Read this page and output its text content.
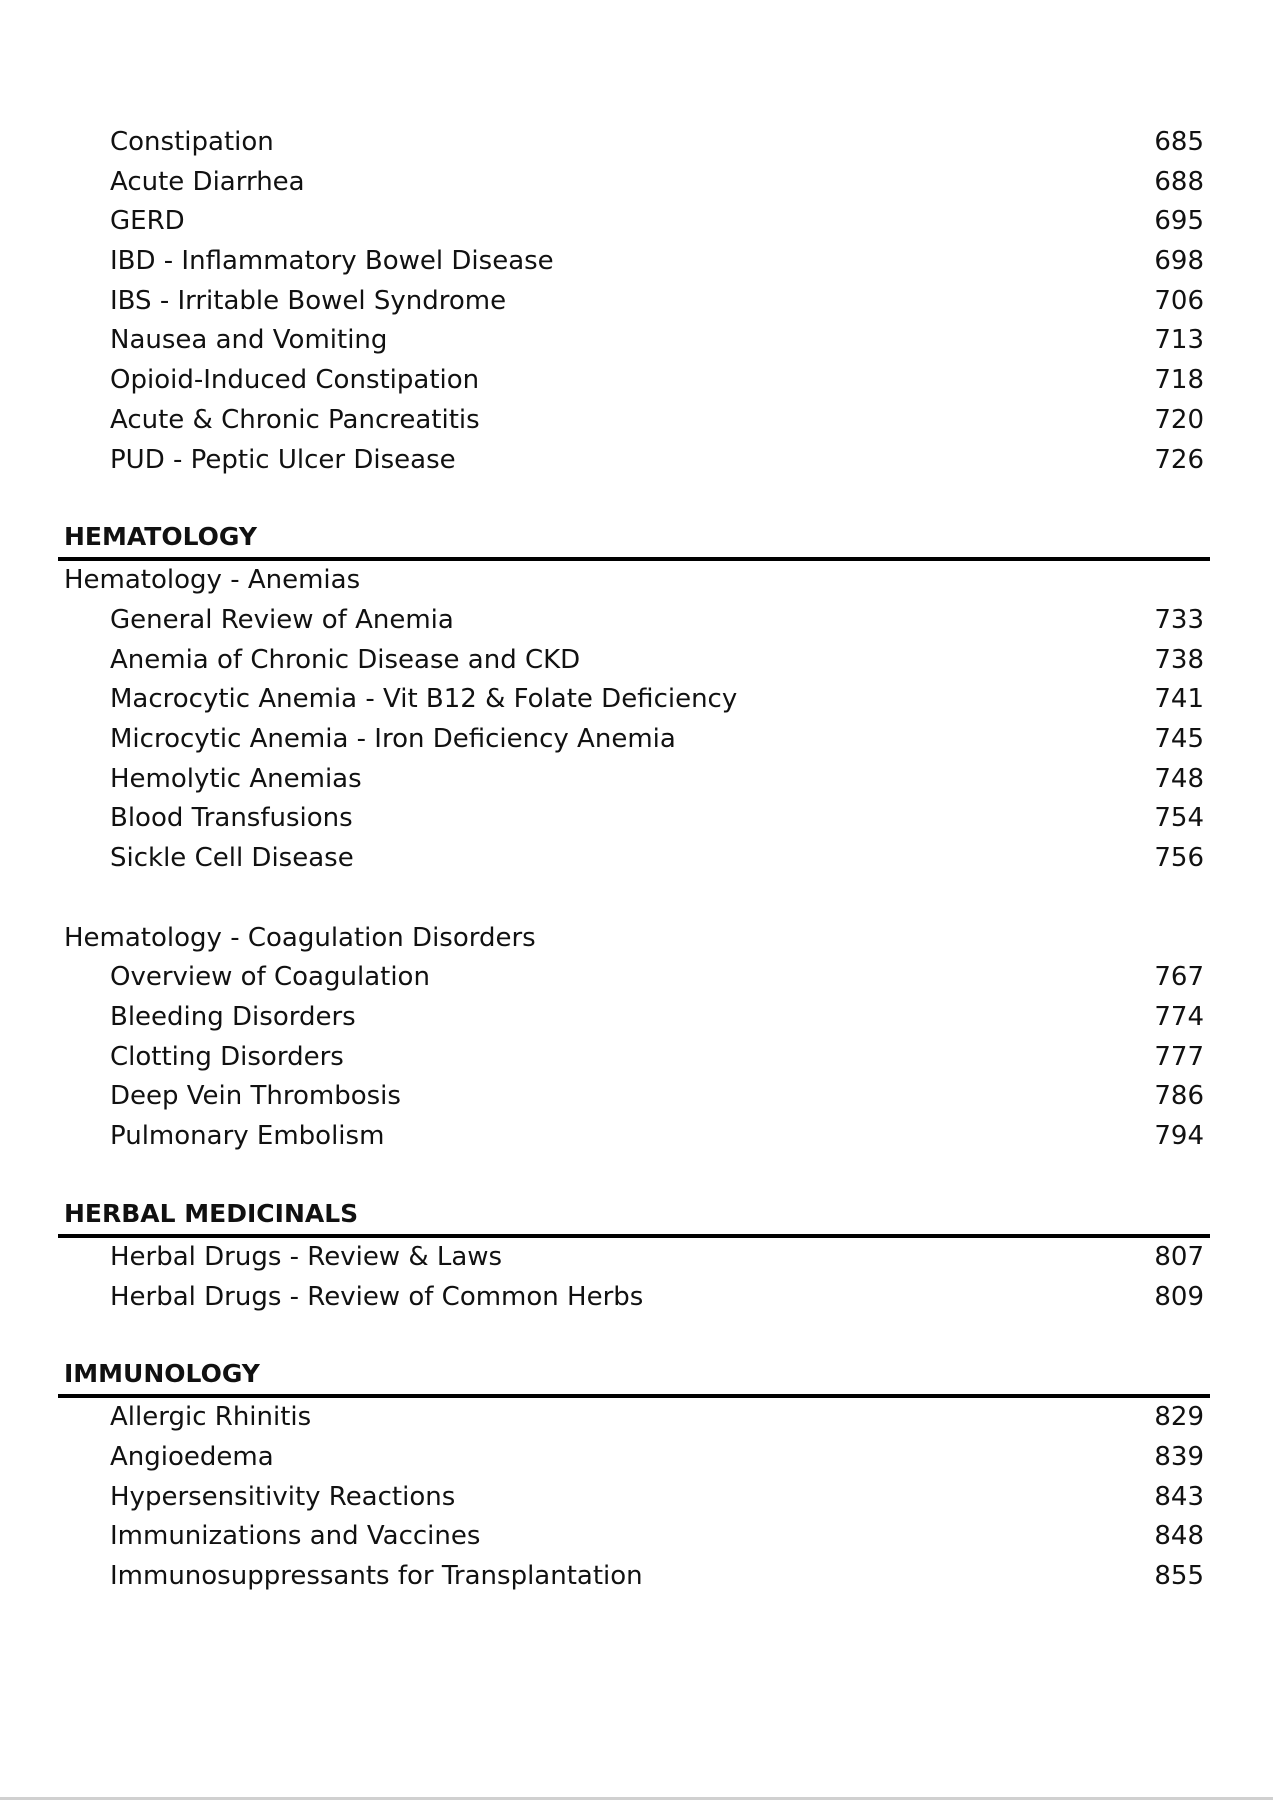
Constipation	685
Acute Diarrhea	688
GERD	695
IBD - Inflammatory Bowel Disease	698
IBS - Irritable Bowel Syndrome	706
Nausea and Vomiting	713
Opioid-Induced Constipation	718
Acute & Chronic Pancreatitis	720
PUD - Peptic Ulcer Disease	726
HEMATOLOGY
Hematology - Anemias
General Review of Anemia	733
Anemia of Chronic Disease and CKD	738
Macrocytic Anemia - Vit B12 & Folate Deficiency	741
Microcytic Anemia - Iron Deficiency Anemia	745
Hemolytic Anemias	748
Blood Transfusions	754
Sickle Cell Disease	756
Hematology - Coagulation Disorders
Overview of Coagulation	767
Bleeding Disorders	774
Clotting Disorders	777
Deep Vein Thrombosis	786
Pulmonary Embolism	794
HERBAL MEDICINALS
Herbal Drugs - Review & Laws	807
Herbal Drugs - Review of Common Herbs	809
IMMUNOLOGY
Allergic Rhinitis	829
Angioedema	839
Hypersensitivity Reactions	843
Immunizations and Vaccines	848
Immunosuppressants for Transplantation	855
